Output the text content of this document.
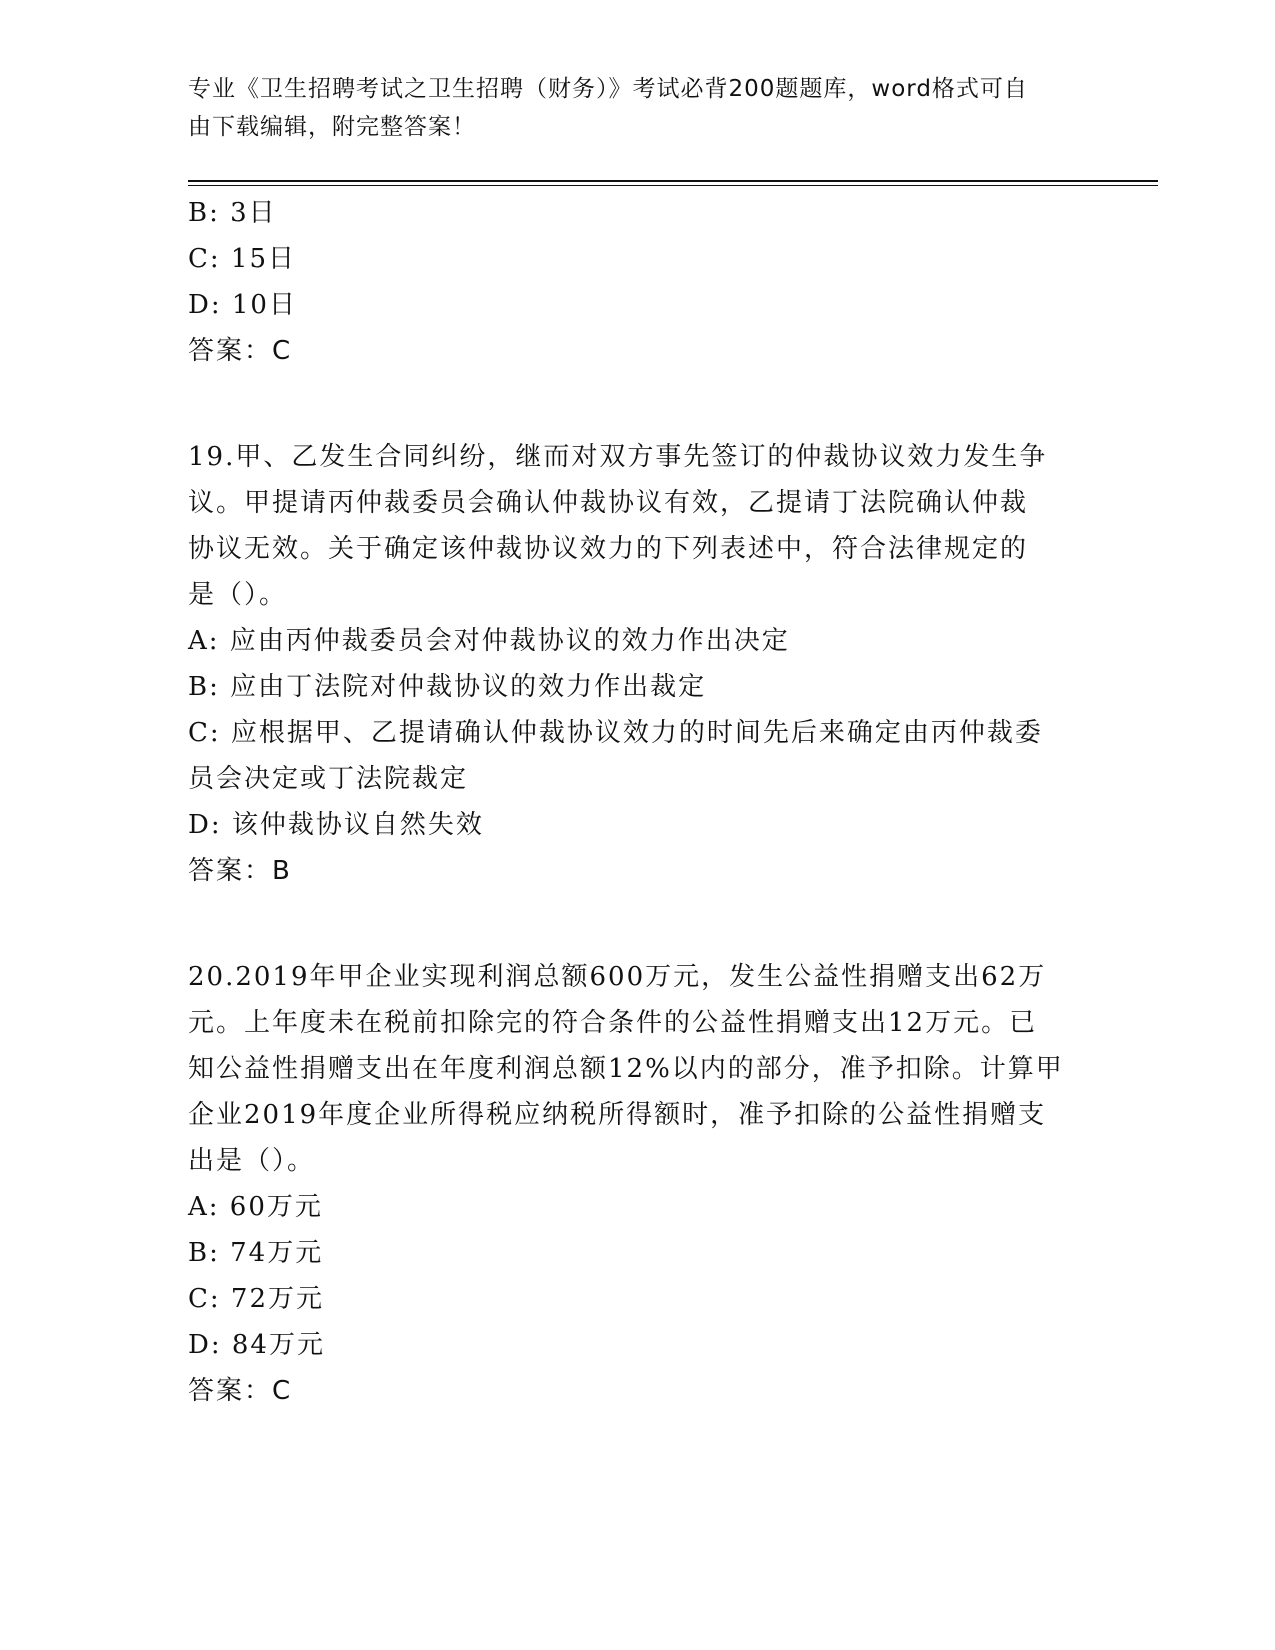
专业《卫生招聘考试之卫生招聘（财务）》考试必背200题题库，word格式可自
由下载编辑，附完整答案！
B: 3日
C: 15日
D: 10日
答案：C
19.甲、乙发生合同纠纷，继而对双方事先签订的仲裁协议效力发生争
议。甲提请丙仲裁委员会确认仲裁协议有效，乙提请丁法院确认仲裁
协议无效。关于确定该仲裁协议效力的下列表述中，符合法律规定的
是（）。
A: 应由丙仲裁委员会对仲裁协议的效力作出决定
B: 应由丁法院对仲裁协议的效力作出裁定
C: 应根据甲、乙提请确认仲裁协议效力的时间先后来确定由丙仲裁委
员会决定或丁法院裁定
D: 该仲裁协议自然失效
答案：B
20.2019年甲企业实现利润总额600万元，发生公益性捐赠支出62万
元。上年度未在税前扣除完的符合条件的公益性捐赠支出12万元。已
知公益性捐赠支出在年度利润总额12%以内的部分，准予扣除。计算甲
企业2019年度企业所得税应纳税所得额时，准予扣除的公益性捐赠支
出是（）。
A: 60万元
B: 74万元
C: 72万元
D: 84万元
答案：C
